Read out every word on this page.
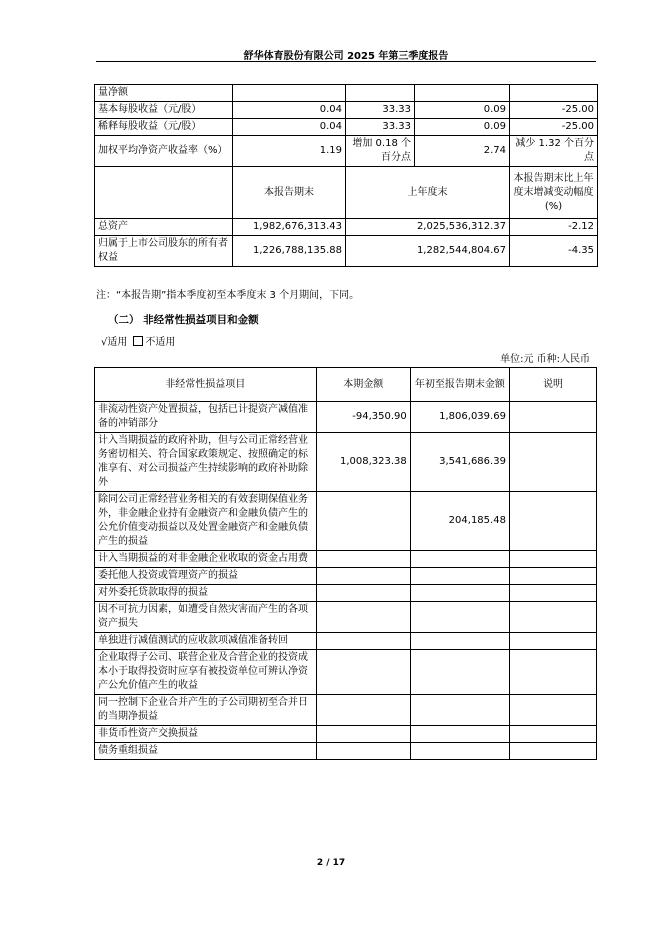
舒华体育股份有限公司 2025 年第三季度报告
量净额				
基本每股收益（元/股）	0.04	33.33	0.09	-25.00
稀释每股收益（元/股）	0.04	33.33	0.09	-25.00
加权平均净资产收益率（%）	1.19	增加 0.18 个百分点	2.74	减少 1.32 个百分点
	本报告期末	上年度末		本报告期末比上年度末增减变动幅度(%)
总资产	1,982,676,313.43	2,025,536,312.37		-2.12
归属于上市公司股东的所有者权益	1,226,788,135.88	1,282,544,804.67		-4.35
注：“本报告期”指本季度初至本季度末 3 个月期间，下同。
（二） 非经常性损益项目和金额
√适用 不适用
单位:元 币种:人民币
非经常性损益项目	本期金额	年初至报告期末金额	说明
非流动性资产处置损益，包括已计提资产减值准备的冲销部分	-94,350.90	1,806,039.69	
计入当期损益的政府补助，但与公司正常经营业务密切相关、符合国家政策规定、按照确定的标准享有、对公司损益产生持续影响的政府补助除外	1,008,323.38	3,541,686.39	
除同公司正常经营业务相关的有效套期保值业务外，非金融企业持有金融资产和金融负债产生的公允价值变动损益以及处置金融资产和金融负债产生的损益		204,185.48	
计入当期损益的对非金融企业收取的资金占用费			
委托他人投资或管理资产的损益			
对外委托贷款取得的损益			
因不可抗力因素，如遭受自然灾害而产生的各项资产损失			
单独进行减值测试的应收款项减值准备转回			
企业取得子公司、联营企业及合营企业的投资成本小于取得投资时应享有被投资单位可辨认净资产公允价值产生的收益			
同一控制下企业合并产生的子公司期初至合并日的当期净损益			
非货币性资产交换损益			
债务重组损益			
2 / 17
